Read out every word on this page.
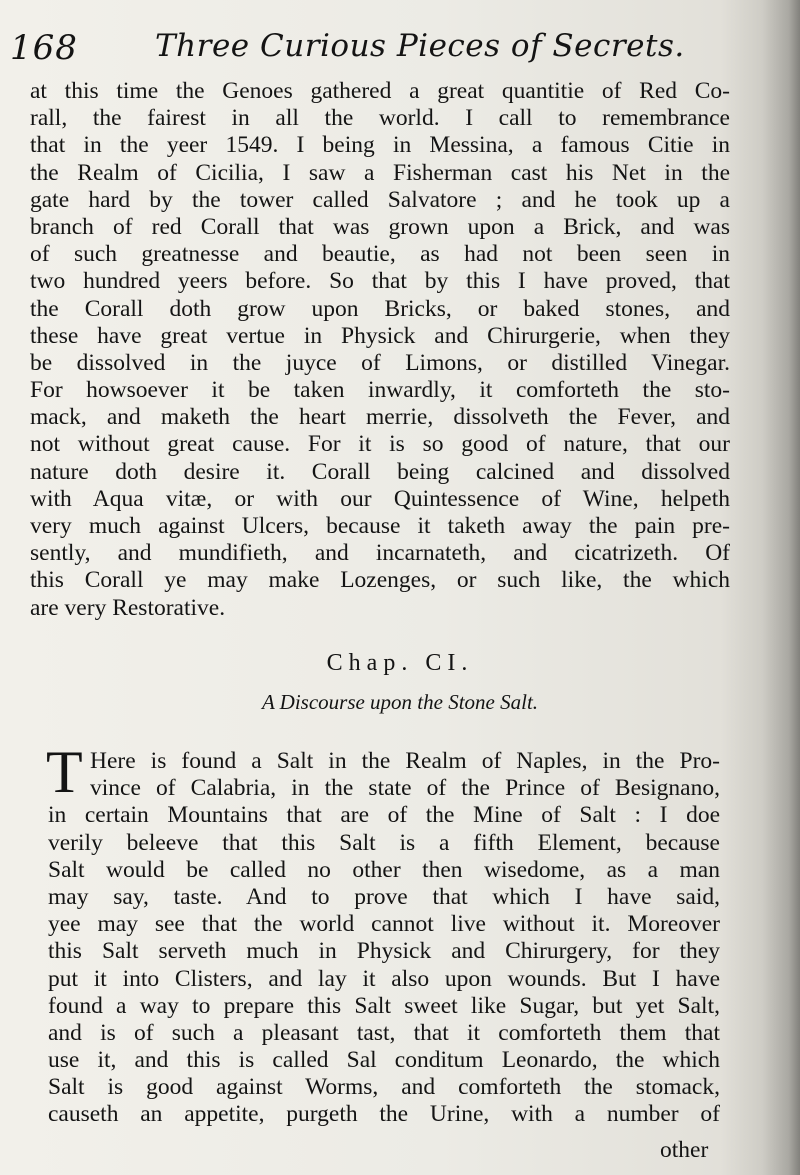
168 Three Curious Pieces of Secrets.
at this time the Genoes gathered a great quantitie of Red Co-
rall, the fairest in all the world. I call to remembrance
that in the yeer 1549. I being in Messina, a famous Citie in
the Realm of Cicilia, I saw a Fisherman cast his Net in the
gate hard by the tower called Salvatore ; and he took up a
branch of red Corall that was grown upon a Brick, and was
of such greatnesse and beautie, as had not been seen in
two hundred yeers before. So that by this I have proved, that
the Corall doth grow upon Bricks, or baked stones, and
these have great vertue in Physick and Chirurgerie, when they
be dissolved in the juyce of Limons, or distilled Vinegar.
For howsoever it be taken inwardly, it comforteth the sto-
mack, and maketh the heart merrie, dissolveth the Fever, and
not without great cause. For it is so good of nature, that our
nature doth desire it. Corall being calcined and dissolved
with Aqua vitæ, or with our Quintessence of Wine, helpeth
very much against Ulcers, because it taketh away the pain pre-
sently, and mundifieth, and incarnateth, and cicatrizeth. Of
this Corall ye may make Lozenges, or such like, the which
are very Restorative.
Chap. CI.
A Discourse upon the Stone Salt.
T Here is found a Salt in the Realm of Naples, in the Pro-
vince of Calabria, in the state of the Prince of Besignano,
in certain Mountains that are of the Mine of Salt : I doe
verily beleeve that this Salt is a fifth Element, because
Salt would be called no other then wisedome, as a man
may say, taste. And to prove that which I have said,
yee may see that the world cannot live without it. Moreover
this Salt serveth much in Physick and Chirurgery, for they
put it into Clisters, and lay it also upon wounds. But I have
found a way to prepare this Salt sweet like Sugar, but yet Salt,
and is of such a pleasant tast, that it comforteth them that
use it, and this is called Sal conditum Leonardo, the which
Salt is good against Worms, and comforteth the stomack,
causeth an appetite, purgeth the Urine, with a number of
other
